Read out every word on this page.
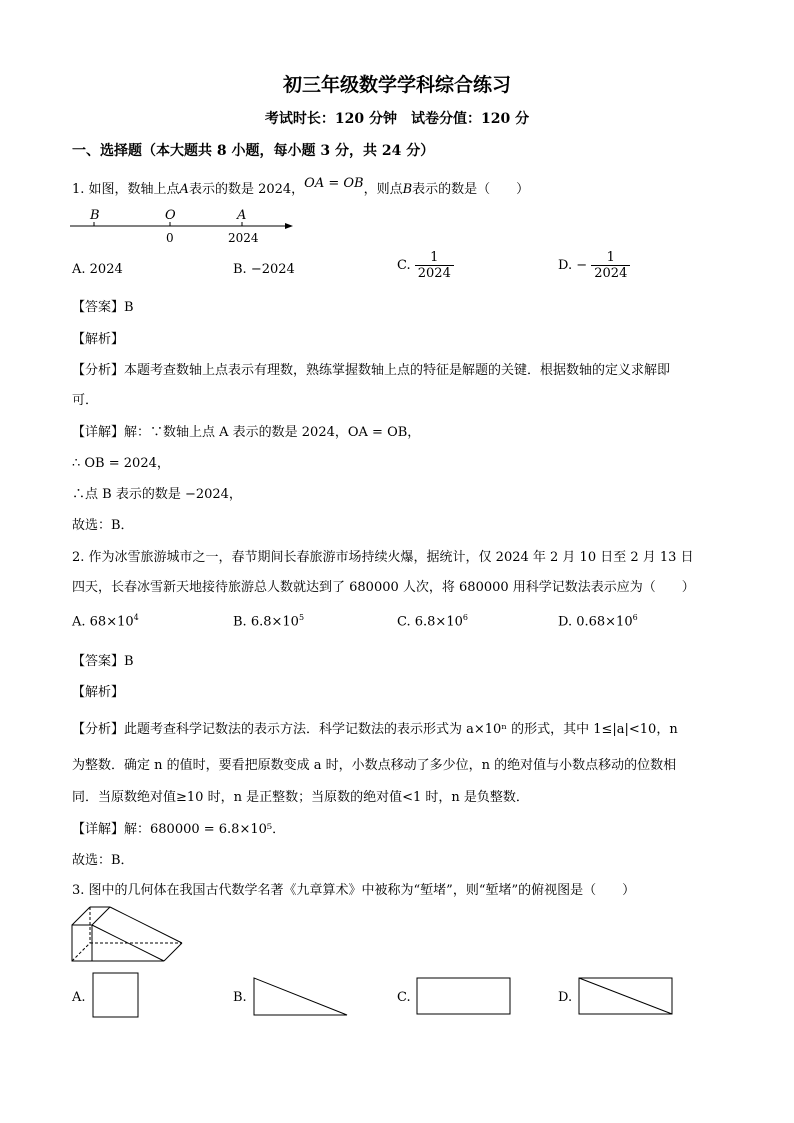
初三年级数学学科综合练习
考试时长：120 分钟　试卷分值：120 分
一、选择题（本大题共 8 小题，每小题 3 分，共 24 分）
1. 如图，数轴上点A表示的数是 2024，OA = OB，则点B表示的数是（　　）
B	O	A
0	2024
A. 2024	B. −2024	C. $\frac{1}{2024}$	D. − $\frac{1}{2024}$
【答案】B
【解析】
【分析】本题考查数轴上点表示有理数，熟练掌握数轴上点的特征是解题的关键．根据数轴的定义求解即
可．
【详解】解：∵数轴上点 A 表示的数是 2024，OA = OB，
∴ OB = 2024，
∴点 B 表示的数是 −2024，
故选：B．
2. 作为冰雪旅游城市之一，春节期间长春旅游市场持续火爆，据统计，仅 2024 年 2 月 10 日至 2 月 13 日
四天，长春冰雪新天地接待旅游总人数就达到了 680000 人次，将 680000 用科学记数法表示应为（　　）
A. $68\times 10^4$	B. $6.8\times 10^5$	C. $6.8\times 10^6$	D. $0.68\times 10^6$
【答案】B
【解析】
【分析】此题考查科学记数法的表示方法．科学记数法的表示形式为 a×10ⁿ 的形式，其中 1≤|a|<10，n
为整数．确定 n 的值时，要看把原数变成 a 时，小数点移动了多少位，n 的绝对值与小数点移动的位数相
同．当原数绝对值≥10 时，n 是正整数；当原数的绝对值<1 时，n 是负整数．
【详解】解：680000 = 6.8×10⁵．
故选：B．
3. 图中的几何体在我国古代数学名著《九章算术》中被称为“堑堵”，则“堑堵”的俯视图是（　　）
A.	B.	C.	D.
